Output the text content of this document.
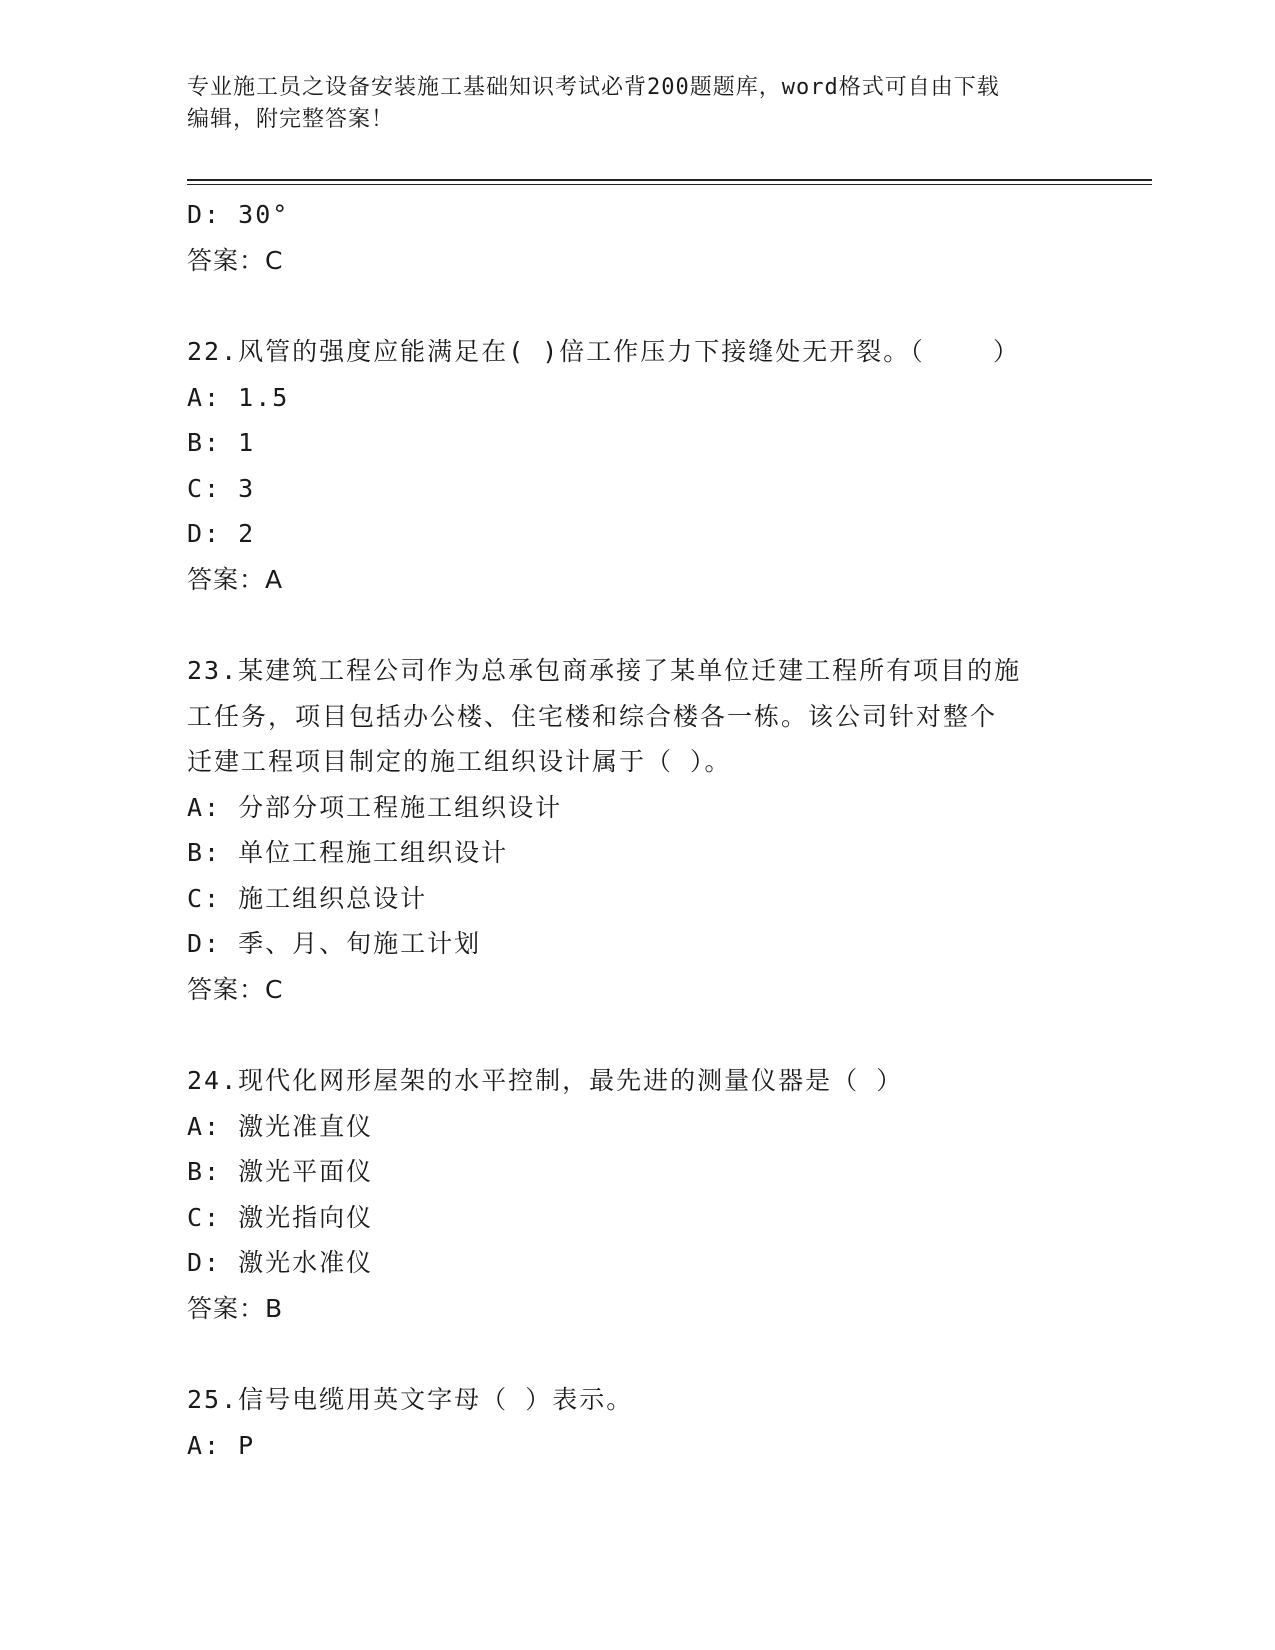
专业施工员之设备安装施工基础知识考试必背200题题库，word格式可自由下载
编辑，附完整答案！
D: 30°
答案：C
22.风管的强度应能满足在( )倍工作压力下接缝处无开裂。（    ）
A: 1.5
B: 1
C: 3
D: 2
答案：A
23.某建筑工程公司作为总承包商承接了某单位迁建工程所有项目的施
工任务，项目包括办公楼、住宅楼和综合楼各一栋。该公司针对整个
迁建工程项目制定的施工组织设计属于（ ）。
A: 分部分项工程施工组织设计
B: 单位工程施工组织设计
C: 施工组织总设计
D: 季、月、旬施工计划
答案：C
24.现代化网形屋架的水平控制，最先进的测量仪器是（ ）
A: 激光准直仪
B: 激光平面仪
C: 激光指向仪
D: 激光水准仪
答案：B
25.信号电缆用英文字母（ ）表示。
A: P
